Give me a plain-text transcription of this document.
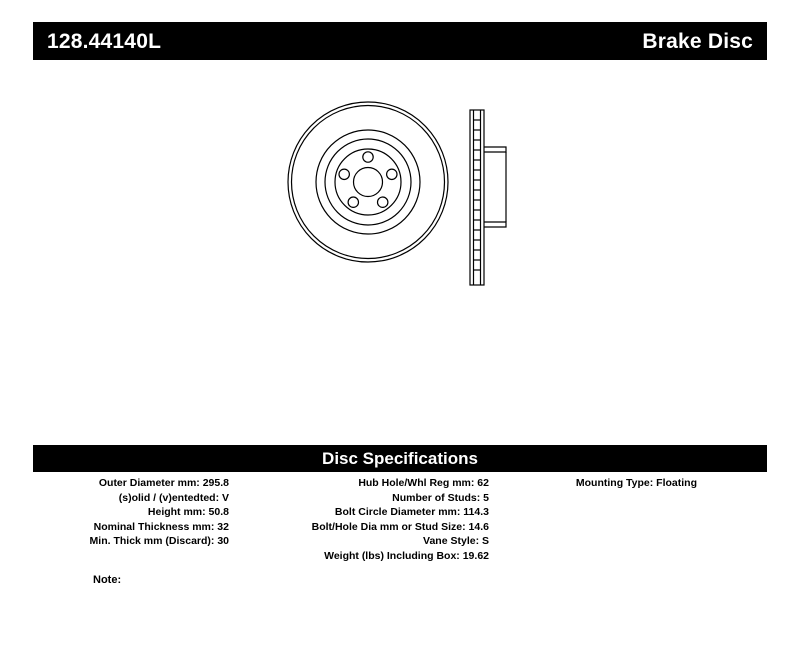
128.44140L	Brake Disc
Disc Specifications
Outer Diameter mm: 295.8
(s)olid / (v)entedted: V
Height mm: 50.8
Nominal Thickness mm: 32
Min. Thick mm (Discard): 30
Hub Hole/Whl Reg mm: 62
Number of Studs: 5
Bolt Circle Diameter mm: 114.3
Bolt/Hole Dia mm or Stud Size: 14.6
Vane Style: S
Weight (lbs) Including Box: 19.62
Mounting Type: Floating
Note:
